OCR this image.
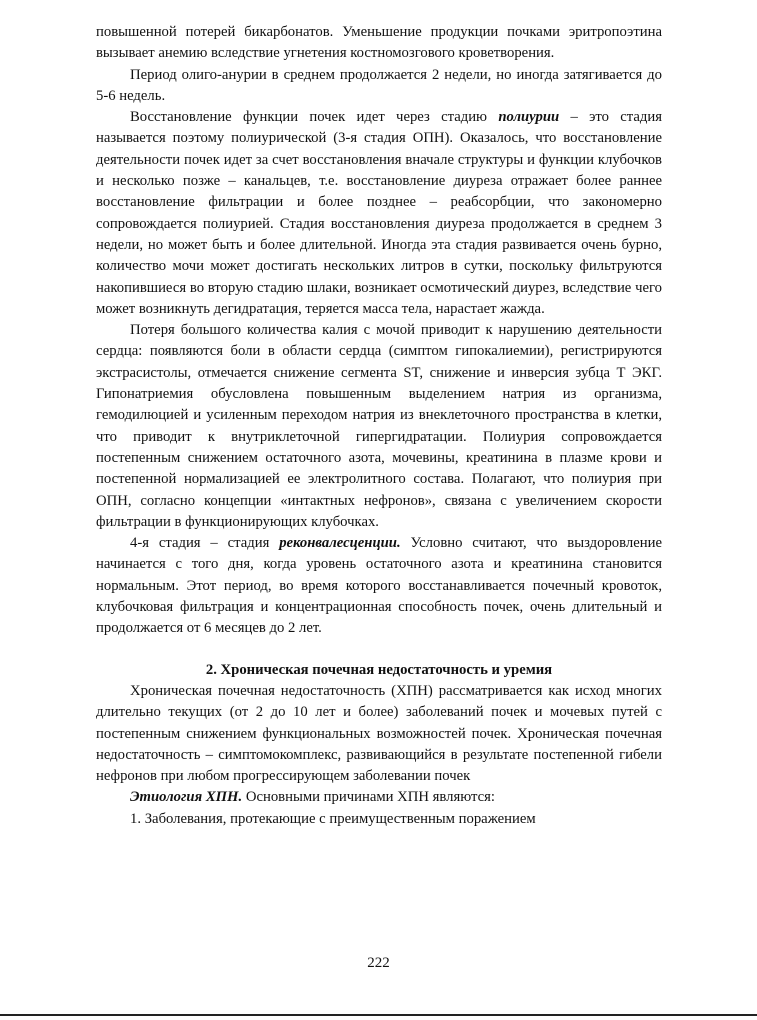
повышенной потерей бикарбонатов. Уменьшение продукции почками эритропоэтина вызывает анемию вследствие угнетения костномозгового кроветворения.

Период олиго-анурии в среднем продолжается 2 недели, но иногда затягивается до 5-6 недель.

Восстановление функции почек идет через стадию полиурии – это стадия называется поэтому полиурической (3-я стадия ОПН). Оказалось, что восстановление деятельности почек идет за счет восстановления вначале структуры и функции клубочков и несколько позже – канальцев, т.е. восстановление диуреза отражает более раннее восстановление фильтрации и более позднее – реабсорбции, что закономерно сопровождается полиурией. Стадия восстановления диуреза продолжается в среднем 3 недели, но может быть и более длительной. Иногда эта стадия развивается очень бурно, количество мочи может достигать нескольких литров в сутки, поскольку фильтруются накопившиеся во вторую стадию шлаки, возникает осмотический диурез, вследствие чего может возникнуть дегидратация, теряется масса тела, нарастает жажда.

Потеря большого количества калия с мочой приводит к нарушению деятельности сердца: появляются боли в области сердца (симптом гипокалиемии), регистрируются экстрасистолы, отмечается снижение сегмента ST, снижение и инверсия зубца Т ЭКГ. Гипонатриемия обусловлена повышенным выделением натрия из организма, гемодилюцией и усиленным переходом натрия из внеклеточного пространства в клетки, что приводит к внутриклеточной гипергидратации. Полиурия сопровождается постепенным снижением остаточного азота, мочевины, креатинина в плазме крови и постепенной нормализацией ее электролитного состава. Полагают, что полиурия при ОПН, согласно концепции «интактных нефронов», связана с увеличением скорости фильтрации в функционирующих клубочках.

4-я стадия – стадия реконвалесценции. Условно считают, что выздоровление начинается с того дня, когда уровень остаточного азота и креатинина становится нормальным. Этот период, во время которого восстанавливается почечный кровоток, клубочковая фильтрация и концентрационная способность почек, очень длительный и продолжается от 6 месяцев до 2 лет.

2. Хроническая почечная недостаточность и уремия

Хроническая почечная недостаточность (ХПН) рассматривается как исход многих длительно текущих (от 2 до 10 лет и более) заболеваний почек и мочевых путей с постепенным снижением функциональных возможностей почек. Хроническая почечная недостаточность – симптомокомплекс, развивающийся в результате постепенной гибели нефронов при любом прогрессирующем заболевании почек

Этиология ХПН. Основными причинами ХПН являются:

1. Заболевания, протекающие с преимущественным поражением

222
